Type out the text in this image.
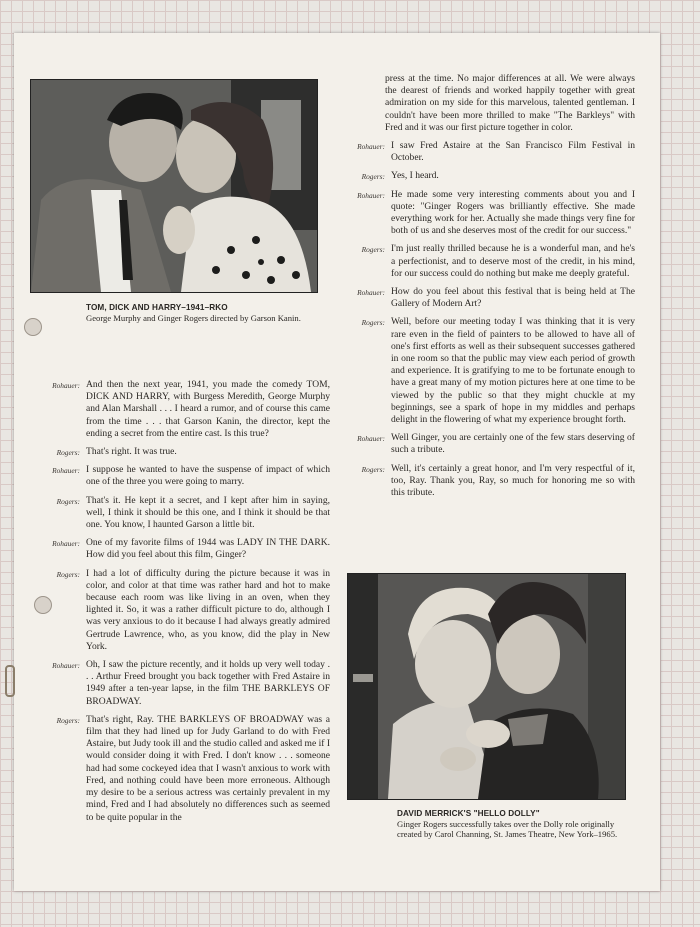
TOM, DICK AND HARRY–1941–RKO
George Murphy and Ginger Rogers directed by Garson Kanin.
Rohauer: And then the next year, 1941, you made the comedy TOM, DICK AND HARRY, with Burgess Meredith, George Murphy and Alan Marshall . . . I heard a rumor, and of course this came from the time . . . that Garson Kanin, the director, kept the ending a secret from the entire cast. Is this true?

Rogers: That's right. It was true.

Rohauer: I suppose he wanted to have the suspense of impact of which one of the three you were going to marry.

Rogers: That's it. He kept it a secret, and I kept after him in saying, well, I think it should be this one, and I think it should be that one. You know, I haunted Garson a little bit.

Rohauer: One of my favorite films of 1944 was LADY IN THE DARK. How did you feel about this film, Ginger?

Rogers: I had a lot of difficulty during the picture because it was in color, and color at that time was rather hard and hot to make because each room was like living in an oven, when they lighted it. So, it was a rather difficult picture to do, although I was very anxious to do it because I had always greatly admired Gertrude Lawrence, who, as you know, did the play in New York.

Rohauer: Oh, I saw the picture recently, and it holds up very well today . . . Arthur Freed brought you back together with Fred Astaire in 1949 after a ten-year lapse, in the film THE BARKLEYS OF BROADWAY.

Rogers: That's right, Ray. THE BARKLEYS OF BROADWAY was a film that they had lined up for Judy Garland to do with Fred Astaire, but Judy took ill and the studio called and asked me if I would consider doing it with Fred. I don't know . . . someone had had some cockeyed idea that I wasn't anxious to work with Fred, and nothing could have been more erroneous. Although my desire to be a serious actress was certainly prevalent in my mind, Fred and I had absolutely no differences such as seemed to be quite popular in the

press at the time. No major differences at all. We were always the dearest of friends and worked happily together with great admiration on my side for this marvelous, talented gentleman. I couldn't have been more thrilled to make "The Barkleys" with Fred and it was our first picture together in color.

Rohauer: I saw Fred Astaire at the San Francisco Film Festival in October.

Rogers: Yes, I heard.

Rohauer: He made some very interesting comments about you and I quote: "Ginger Rogers was brilliantly effective. She made everything work for her. Actually she made things very fine for both of us and she deserves most of the credit for our success."

Rogers: I'm just really thrilled because he is a wonderful man, and he's a perfectionist, and to deserve most of the credit, in his mind, for our success could do nothing but make me deeply grateful.

Rohauer: How do you feel about this festival that is being held at The Gallery of Modern Art?

Rogers: Well, before our meeting today I was thinking that it is very rare even in the field of painters to be allowed to have all of one's first efforts as well as their subsequent successes gathered in one room so that the public may view each period of growth and experience. It is gratifying to me to be fortunate enough to have a great many of my motion pictures here at one time to be viewed by the public so that they might chuckle at my beginnings, see a spark of hope in my middles and perhaps delight in the flowering of what my experience brought forth.

Rohauer: Well Ginger, you are certainly one of the few stars deserving of such a tribute.

Rogers: Well, it's certainly a great honor, and I'm very respectful of it, too, Ray. Thank you, Ray, so much for honoring me so with this tribute.

DAVID MERRICK'S "HELLO DOLLY"
Ginger Rogers successfully takes over the Dolly role originally created by Carol Channing, St. James Theatre, New York–1965.
